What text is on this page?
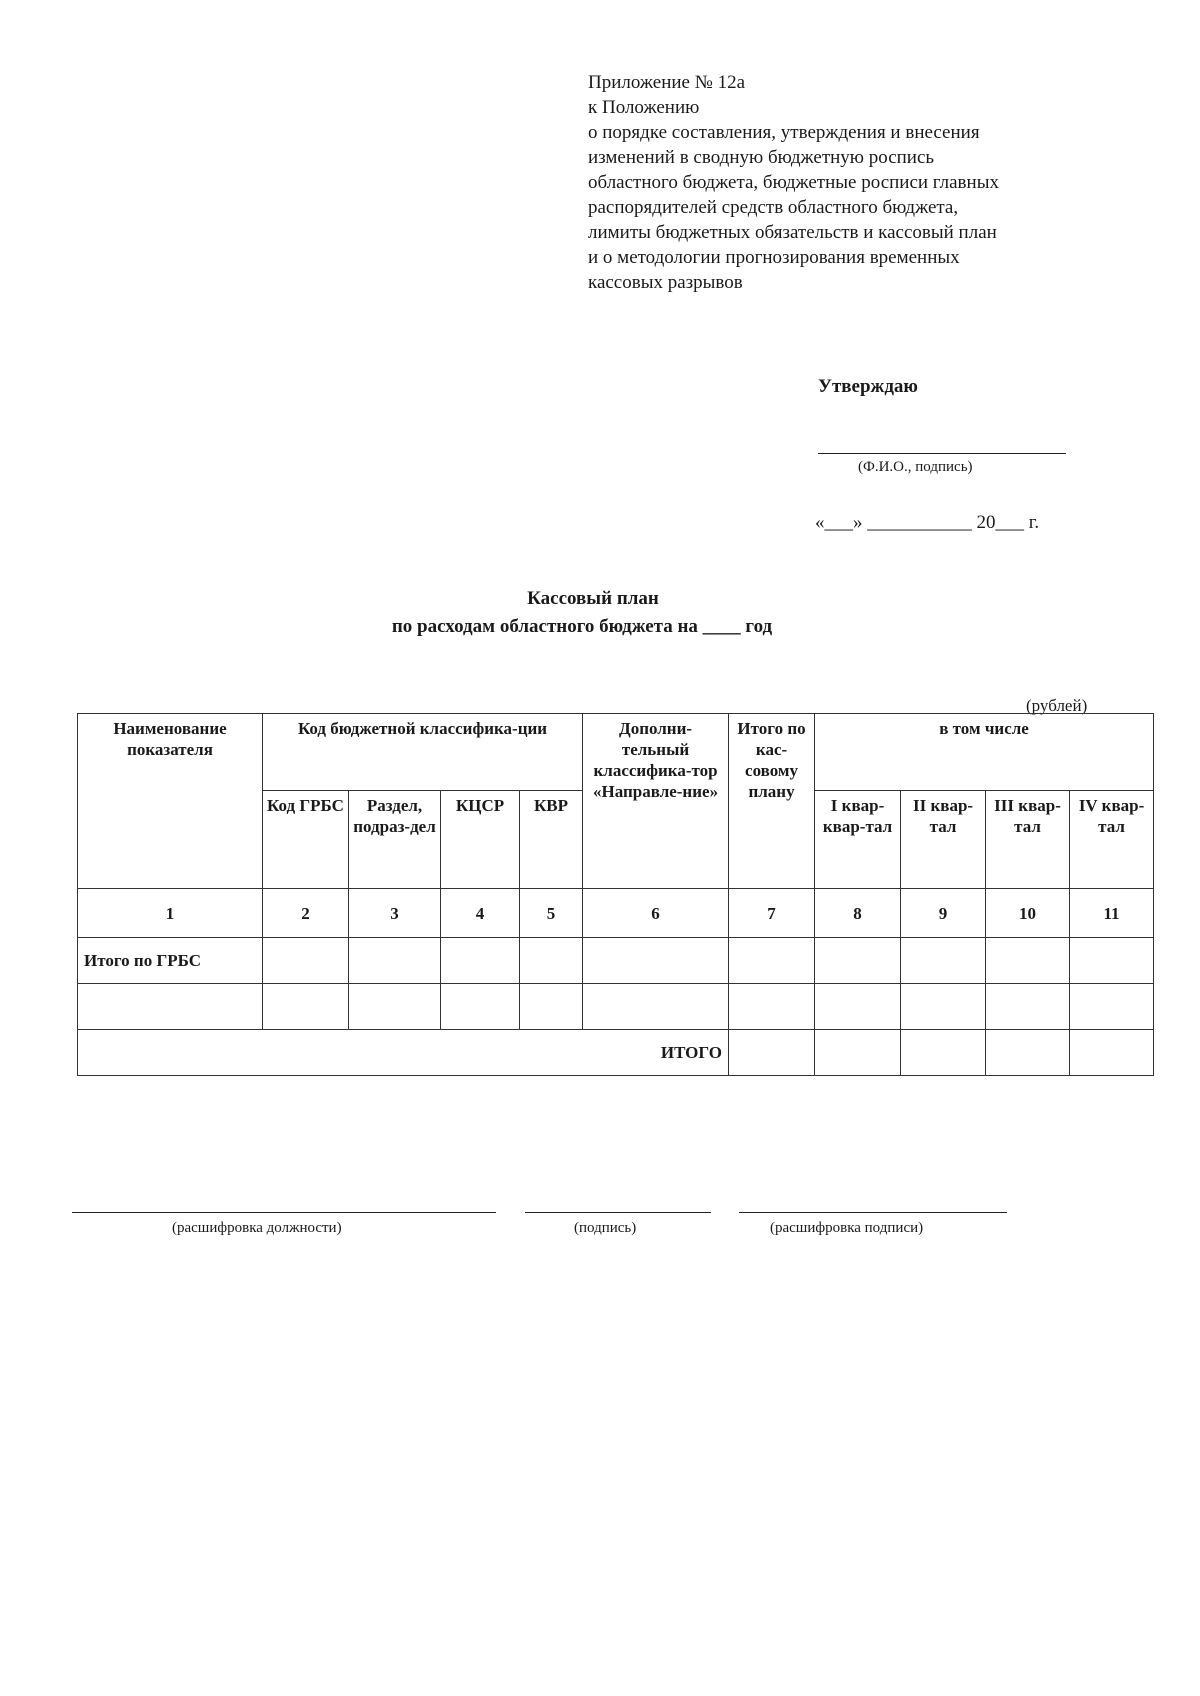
Приложение № 12а
к Положению
о порядке составления, утверждения и внесения
изменений в сводную бюджетную роспись
областного бюджета, бюджетные росписи главных
распорядителей средств областного бюджета,
лимиты бюджетных обязательств и кассовый план
и о методологии прогнозирования временных
кассовых разрывов
Утверждаю
(Ф.И.О., подпись)
«___» ___________ 20___ г.
Кассовый план
по расходам областного бюджета на ____ год
(рублей)
Наименование показателя	Код бюджетной классифика-ции				Дополни-тельный классифика-тор «Направле-ние»	Итого по кас-совому плану	в том числе			
	Код ГРБС	Раздел, подраз-дел	КЦСР	КВР			I квар-квар-тал	II квар-тал	III квар-тал	IV квар-тал
1	2	3	4	5	6	7	8	9	10	11
Итого по ГРБС										

ИТОГО										
(расшифровка должности)	(подпись)	(расшифровка подписи)
